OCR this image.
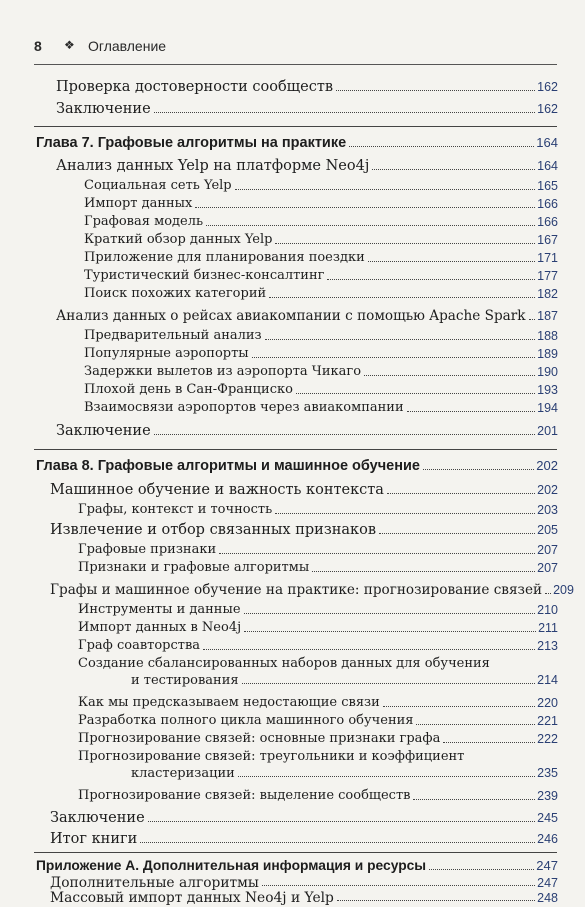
8 ❖ Оглавление
Проверка достоверности сообществ	162
Заключение	162
Глава 7. Графовые алгоритмы на практике	164
Анализ данных Yelp на платформе Neo4j	164
Социальная сеть Yelp	165
Импорт данных	166
Графовая модель	166
Краткий обзор данных Yelp	167
Приложение для планирования поездки	171
Туристический бизнес-консалтинг	177
Поиск похожих категорий	182
Анализ данных о рейсах авиакомпании с помощью Apache Spark 187
Предварительный анализ	188
Популярные аэропорты	189
Задержки вылетов из аэропорта Чикаго	190
Плохой день в Сан-Франциско	193
Взаимосвязи аэропортов через авиакомпании	194
Заключение	201
Глава 8. Графовые алгоритмы и машинное обучение	202
Машинное обучение и важность контекста	202
Графы, контекст и точность	203
Извлечение и отбор связанных признаков	205
Графовые признаки	207
Признаки и графовые алгоритмы	207
Графы и машинное обучение на практике: прогнозирование связей 209
Инструменты и данные	210
Импорт данных в Neo4j	211
Граф соавторства	213
Создание сбалансированных наборов данных для обучения
и тестирования	214
Как мы предсказываем недостающие связи	220
Разработка полного цикла машинного обучения	221
Прогнозирование связей: основные признаки графа	222
Прогнозирование связей: треугольники и коэффициент
кластеризации	235
Прогнозирование связей: выделение сообществ	239
Заключение	245
Итог книги	246
Приложение А. Дополнительная информация и ресурсы	247
Дополнительные алгоритмы	247
Массовый импорт данных Neo4j и Yelp	248
